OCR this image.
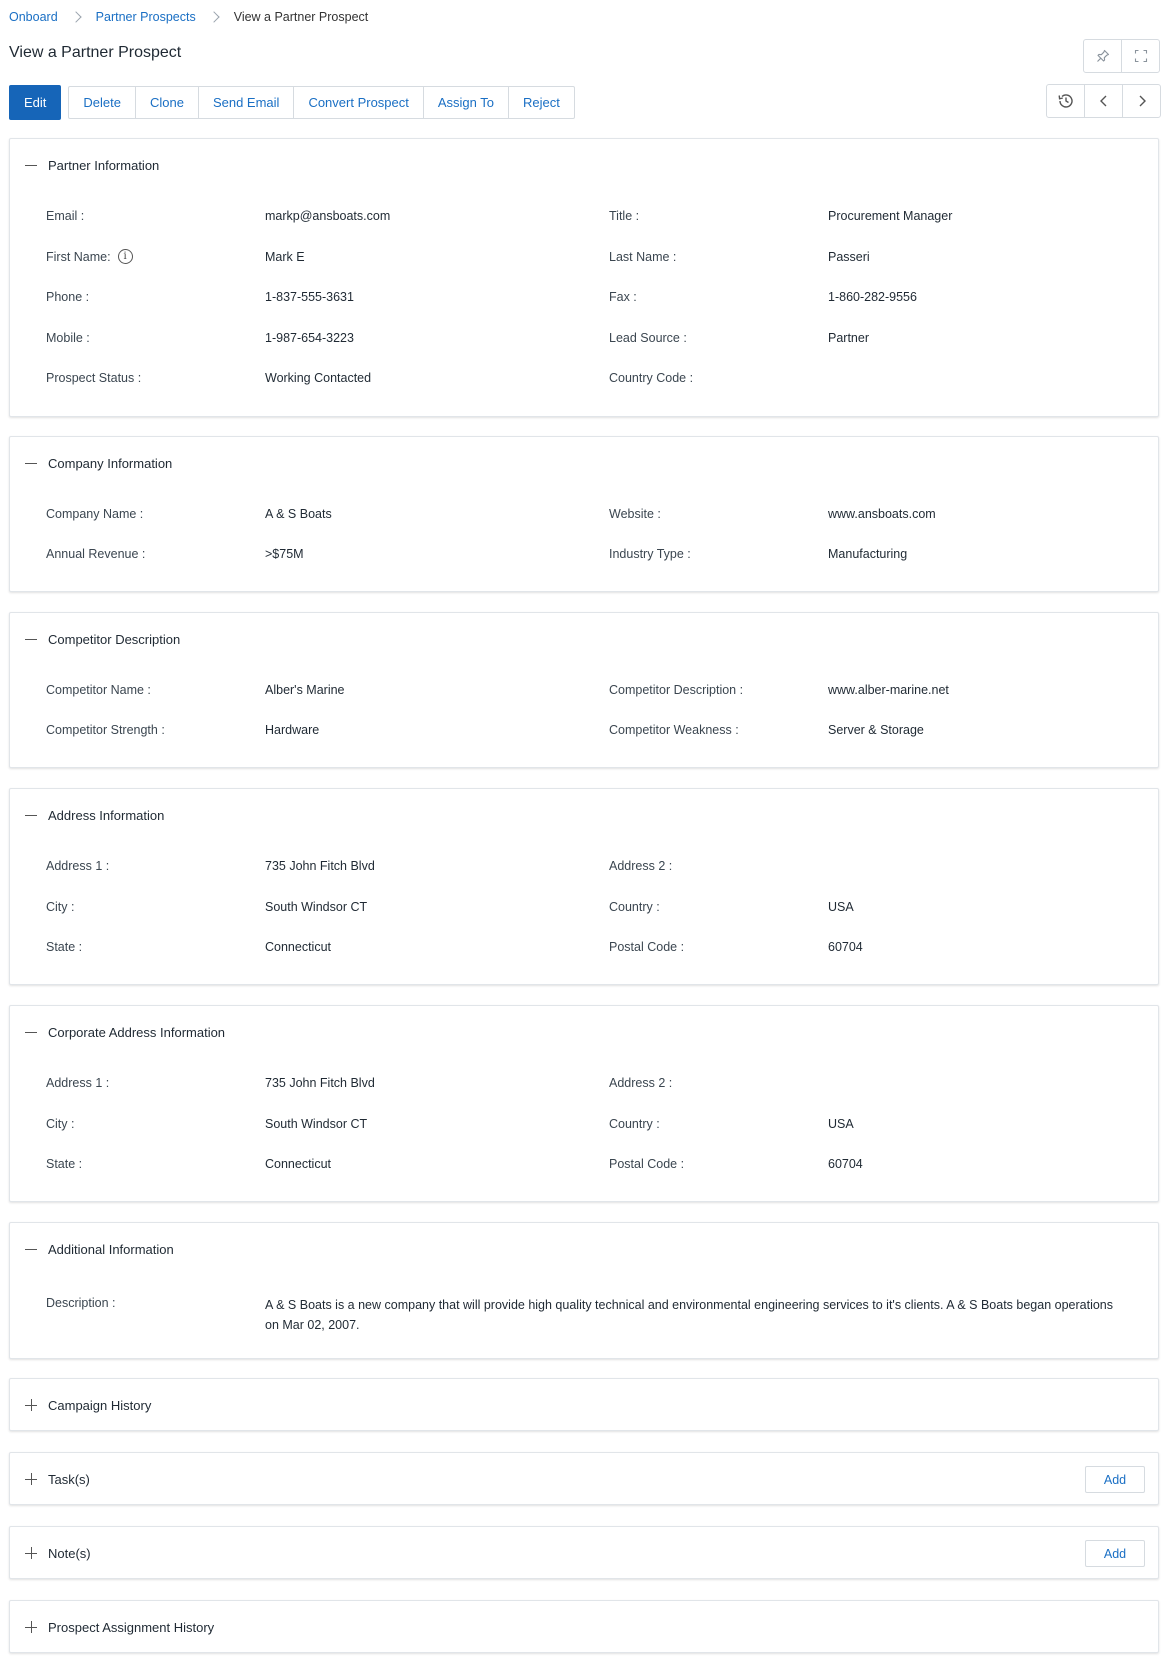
Onboard	Partner Prospects	View a Partner Prospect
View a Partner Prospect
Edit	Delete	Clone	Send Email	Convert Prospect	Assign To	Reject
Partner Information
Email :	markp@ansboats.com	Title :	Procurement Manager
First Name:	i	Mark E	Last Name :	Passeri
Phone :	1-837-555-3631	Fax :	1-860-282-9556
Mobile :	1-987-654-3223	Lead Source :	Partner
Prospect Status :	Working Contacted	Country Code :
Company Information
Company Name :	A & S Boats	Website :	www.ansboats.com
Annual Revenue :	>$75M	Industry Type :	Manufacturing
Competitor Description
Competitor Name :	Alber's Marine	Competitor Description :	www.alber-marine.net
Competitor Strength :	Hardware	Competitor Weakness :	Server & Storage
Address Information
Address 1 :	735 John Fitch Blvd	Address 2 :
City :	South Windsor CT	Country :	USA
State :	Connecticut	Postal Code :	60704
Corporate Address Information
Address 1 :	735 John Fitch Blvd	Address 2 :
City :	South Windsor CT	Country :	USA
State :	Connecticut	Postal Code :	60704
Additional Information
Description :	A & S Boats is a new company that will provide high quality technical and environmental engineering services to it's clients. A & S Boats began operations on Mar 02, 2007.
Campaign History
Task(s)	Add
Note(s)	Add
Prospect Assignment History
